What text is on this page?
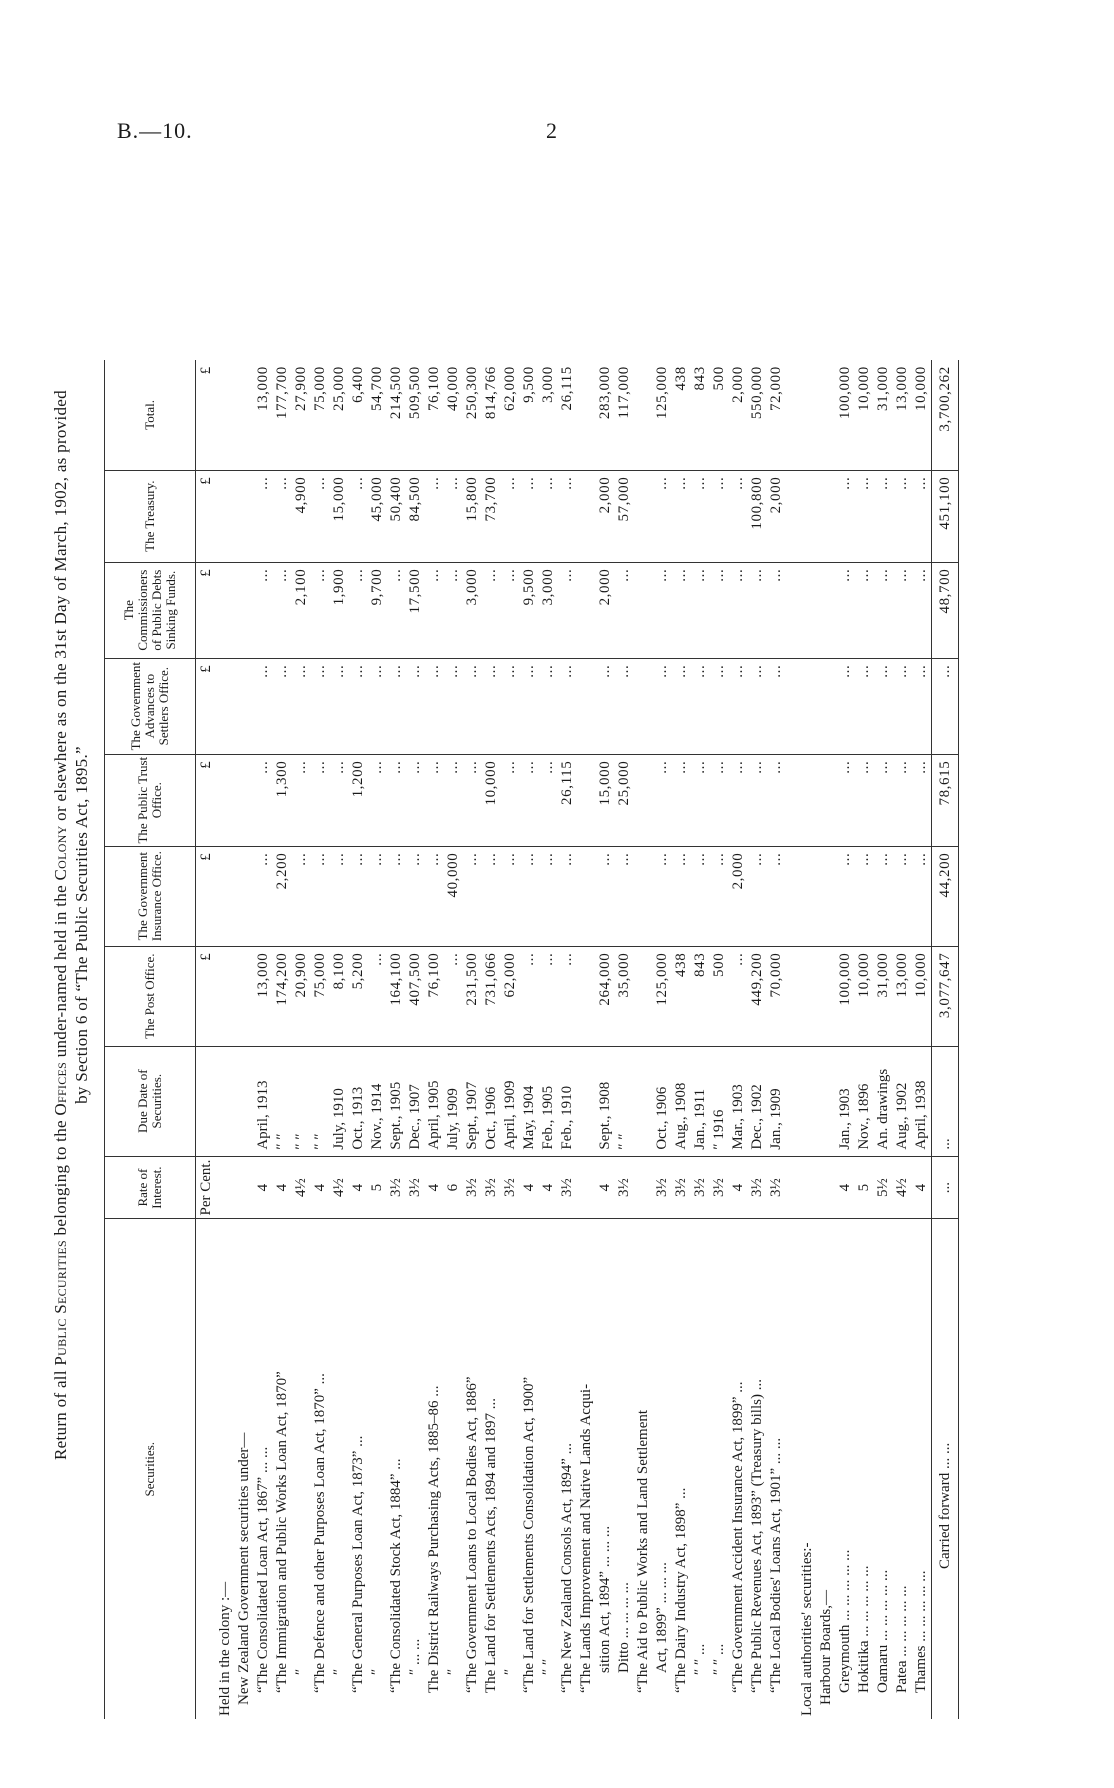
B.—10.	2
Return of all Public Securities belonging to the Offices under-named held in the Colony or elsewhere as on the 31st Day of March, 1902, as provided
by Section 6 of “The Public Securities Act, 1895.”
Securities.	Rate of Interest.	Due Date of Securities.	The Post Office.	The Government Insurance Office.	The Public Trust Office.	The Government Advances to Settlers Office.	The Commissioners of Public Debts Sinking Funds.	The Treasury.	Total.
	Per Cent.		£	£	£	£	£	£	£
Held in the colony :—									
New Zealand Government securities under—									
“The Consolidated Loan Act, 1867” ... ...	4	April, 1913	13,000	...	...	...	...	...	13,000
“The Immigration and Public Works Loan Act, 1870”	4	″ ″	174,200	2,200	1,300	...	...	...	177,700
″	4½	″ ″	20,900	...	...	...	2,100	4,900	27,900
“The Defence and other Purposes Loan Act, 1870” ...	4	″ ″	75,000	...	...	...	...	...	75,000
″	4½	July, 1910	8,100	...	...	...	1,900	15,000	25,000
“The General Purposes Loan Act, 1873” ...	4	Oct., 1913	5,200	...	1,200	...	...	...	6,400
″	5	Nov., 1914	...	...	...	...	9,700	45,000	54,700
“The Consolidated Stock Act, 1884” ...	3½	Sept., 1905	164,100	...	...	...	...	50,400	214,500
″ ... ...	3½	Dec., 1907	407,500	...	...	...	17,500	84,500	509,500
The District Railways Purchasing Acts, 1885–86 ...	4	April, 1905	76,100	...	...	...	...	...	76,100
″	6	July, 1909	...	40,000	...	...	...	...	40,000
“The Government Loans to Local Bodies Act, 1886”	3½	Sept., 1907	231,500	...	...	...	3,000	15,800	250,300
The Land for Settlements Acts, 1894 and 1897 ...	3½	Oct., 1906	731,066	...	10,000	...	...	73,700	814,766
″	3½	April, 1909	62,000	...	...	...	...	...	62,000
“The Land for Settlements Consolidation Act, 1900”	4	May, 1904	...	...	...	...	9,500	...	9,500
″ ″	4	Feb., 1905	...	...	...	...	3,000	...	3,000
“The New Zealand Consols Act, 1894” ...	3½	Feb., 1910	...	...	26,115	...	...	...	26,115
“The Lands Improvement and Native Lands Acqui-									
sition Act, 1894” ... ... ...	4	Sept., 1908	264,000	...	15,000	...	2,000	2,000	283,000
Ditto ... ... ... ...	3½	″ ″	35,000	...	25,000	...	...	57,000	117,000
“The Aid to Public Works and Land Settlement									
Act, 1899” ... ... ...	3½	Oct., 1906	125,000	...	...	...	...	...	125,000
“The Dairy Industry Act, 1898” ...	3½	Aug., 1908	438	...	...	...	...	...	438
″ ″ ...	3½	Jan., 1911	843	...	...	...	...	...	843
″ ″ ...	3½	″ 1916	500	...	...	...	...	...	500
“The Government Accident Insurance Act, 1899” ...	4	Mar., 1903	...	2,000	...	...	...	...	2,000
“The Public Revenues Act, 1893” (Treasury bills) ...	3½	Dec., 1902	449,200	...	...	...	...	100,800	550,000
“The Local Bodies' Loans Act, 1901” ... ...	3½	Jan., 1909	70,000	...	...	...	...	2,000	72,000

Local authorities' securities:-									
Harbour Boards,—									
Greymouth ... ... ... ... ...	4	Jan., 1903	100,000	...	...	...	...	...	100,000
Hokitika ... ... ... ... ...	5	Nov., 1896	10,000	...	...	...	...	...	10,000
Oamaru ... ... ... ... ...	5½	An. drawings	31,000	...	...	...	...	...	31,000
Patea ... ... ... ... ...	4½	Aug., 1902	13,000	...	...	...	...	...	13,000
Thames ... ... ... ... ...	4	April, 1938	10,000	...	...	...	...	...	10,000
Carried forward ... ...	...	...	3,077,647	44,200	78,615	...	48,700	451,100	3,700,262
